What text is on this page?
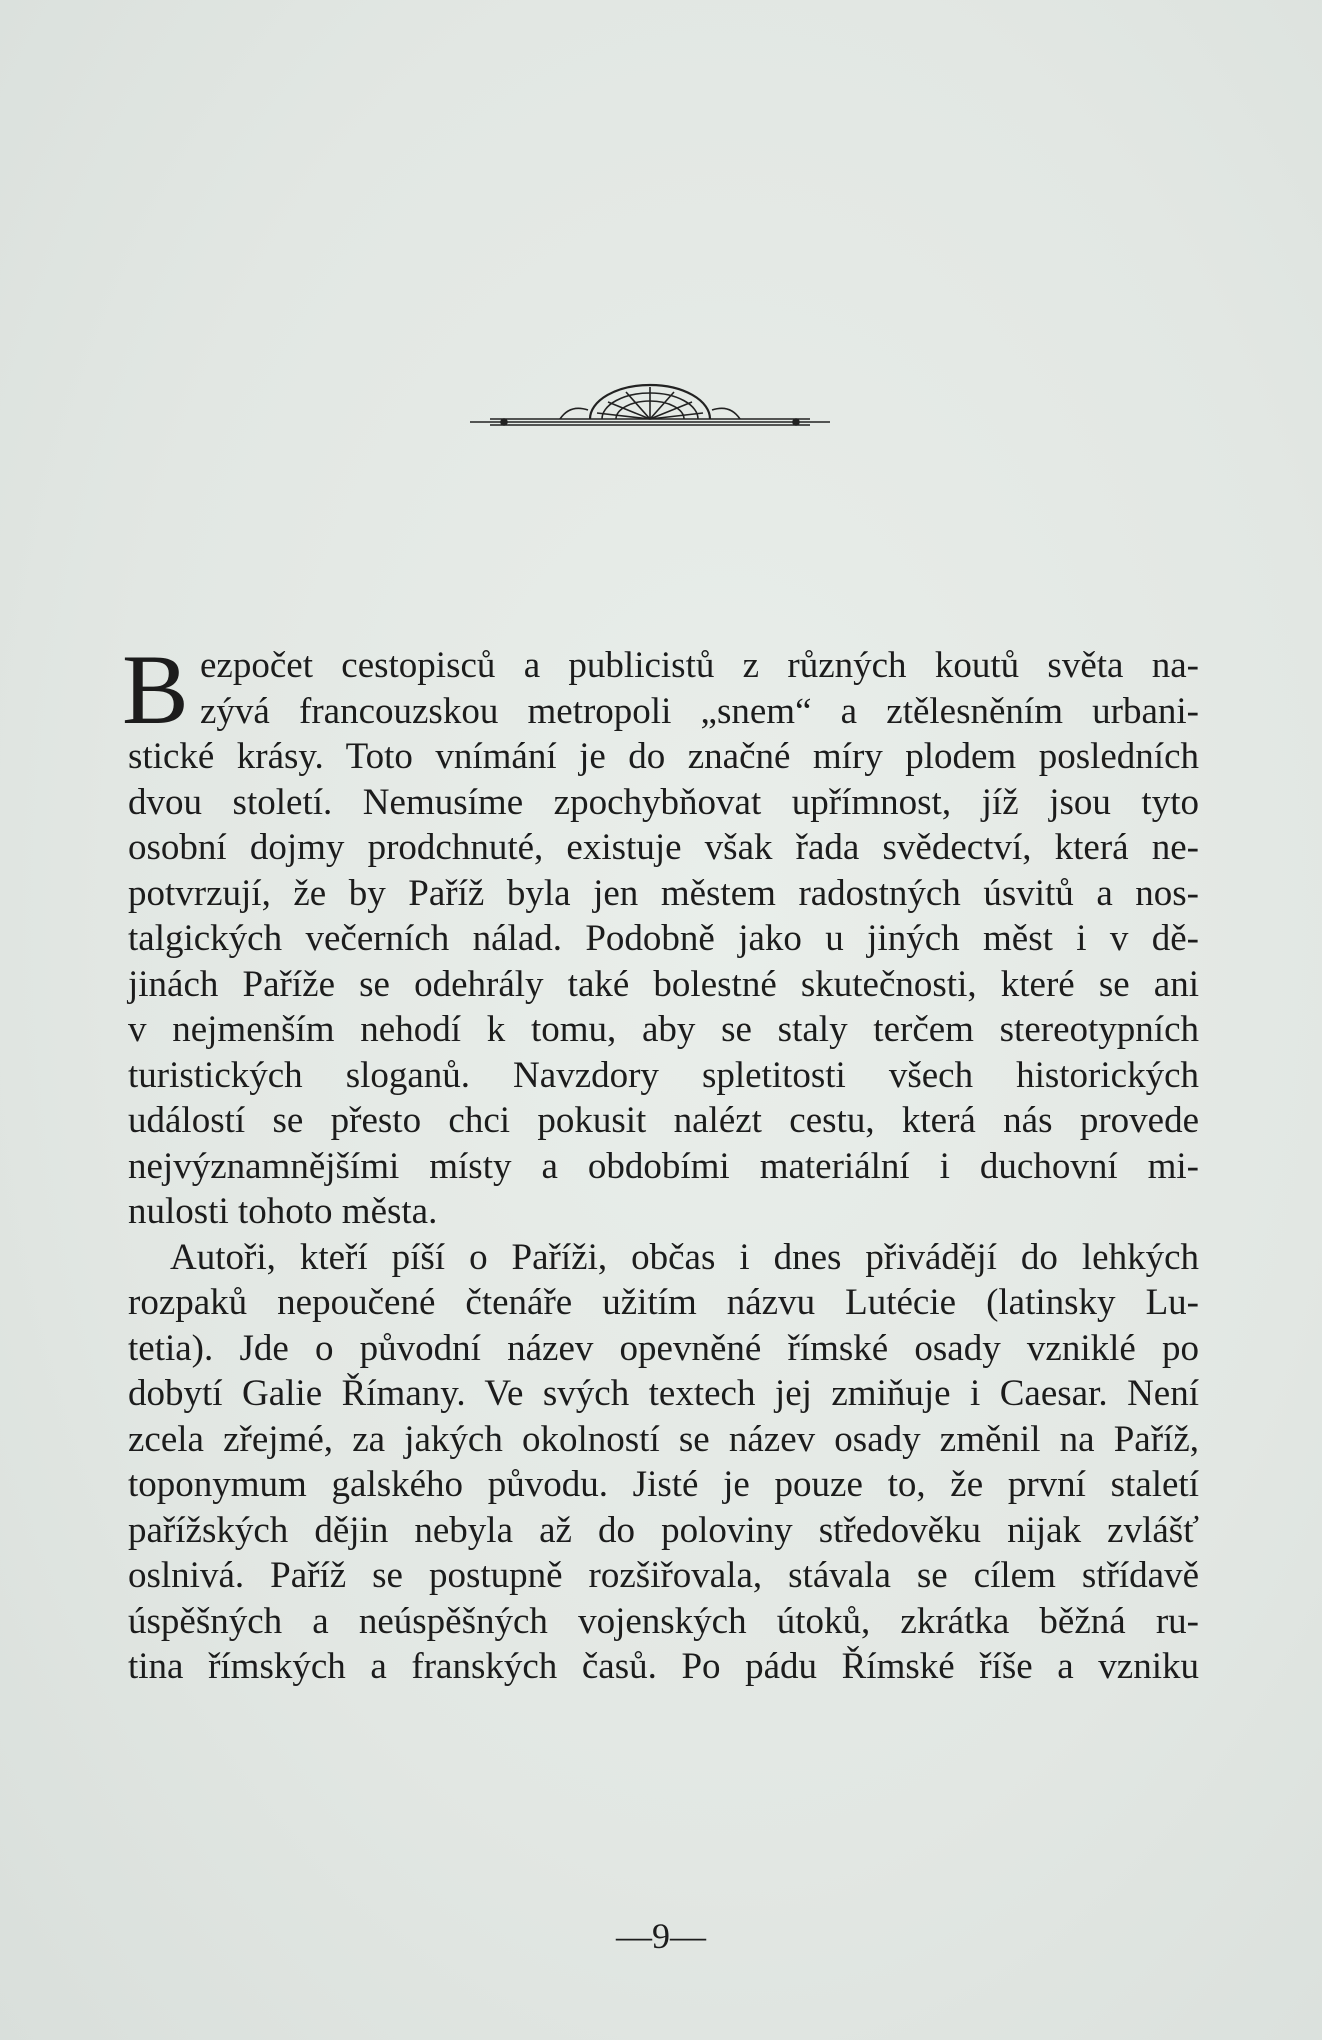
B ezpočet cestopisců a publicistů z různých koutů světa na-
zývá francouzskou metropoli „snem“ a ztělesněním urbani-
stické krásy. Toto vnímání je do značné míry plodem posledních
dvou století. Nemusíme zpochybňovat upřímnost, jíž jsou tyto
osobní dojmy prodchnuté, existuje však řada svědectví, která ne-
potvrzují, že by Paříž byla jen městem radostných úsvitů a nos-
talgických večerních nálad. Podobně jako u jiných měst i v dě-
jinách Paříže se odehrály také bolestné skutečnosti, které se ani
v nejmenším nehodí k tomu, aby se staly terčem stereotypních
turistických sloganů. Navzdory spletitosti všech historických
událostí se přesto chci pokusit nalézt cestu, která nás provede
nejvýznamnějšími místy a obdobími materiální i duchovní mi-
nulosti tohoto města.
Autoři, kteří píší o Paříži, občas i dnes přivádějí do lehkých
rozpaků nepoučené čtenáře užitím názvu Lutécie (latinsky Lu-
tetia). Jde o původní název opevněné římské osady vzniklé po
dobytí Galie Římany. Ve svých textech jej zmiňuje i Caesar. Není
zcela zřejmé, za jakých okolností se název osady změnil na Paříž,
toponymum galského původu. Jisté je pouze to, že první staletí
pařížských dějin nebyla až do poloviny středověku nijak zvlášť
oslnivá. Paříž se postupně rozšiřovala, stávala se cílem střídavě
úspěšných a neúspěšných vojenských útoků, zkrátka běžná ru-
tina římských a franských časů. Po pádu Římské říše a vzniku
—9—
